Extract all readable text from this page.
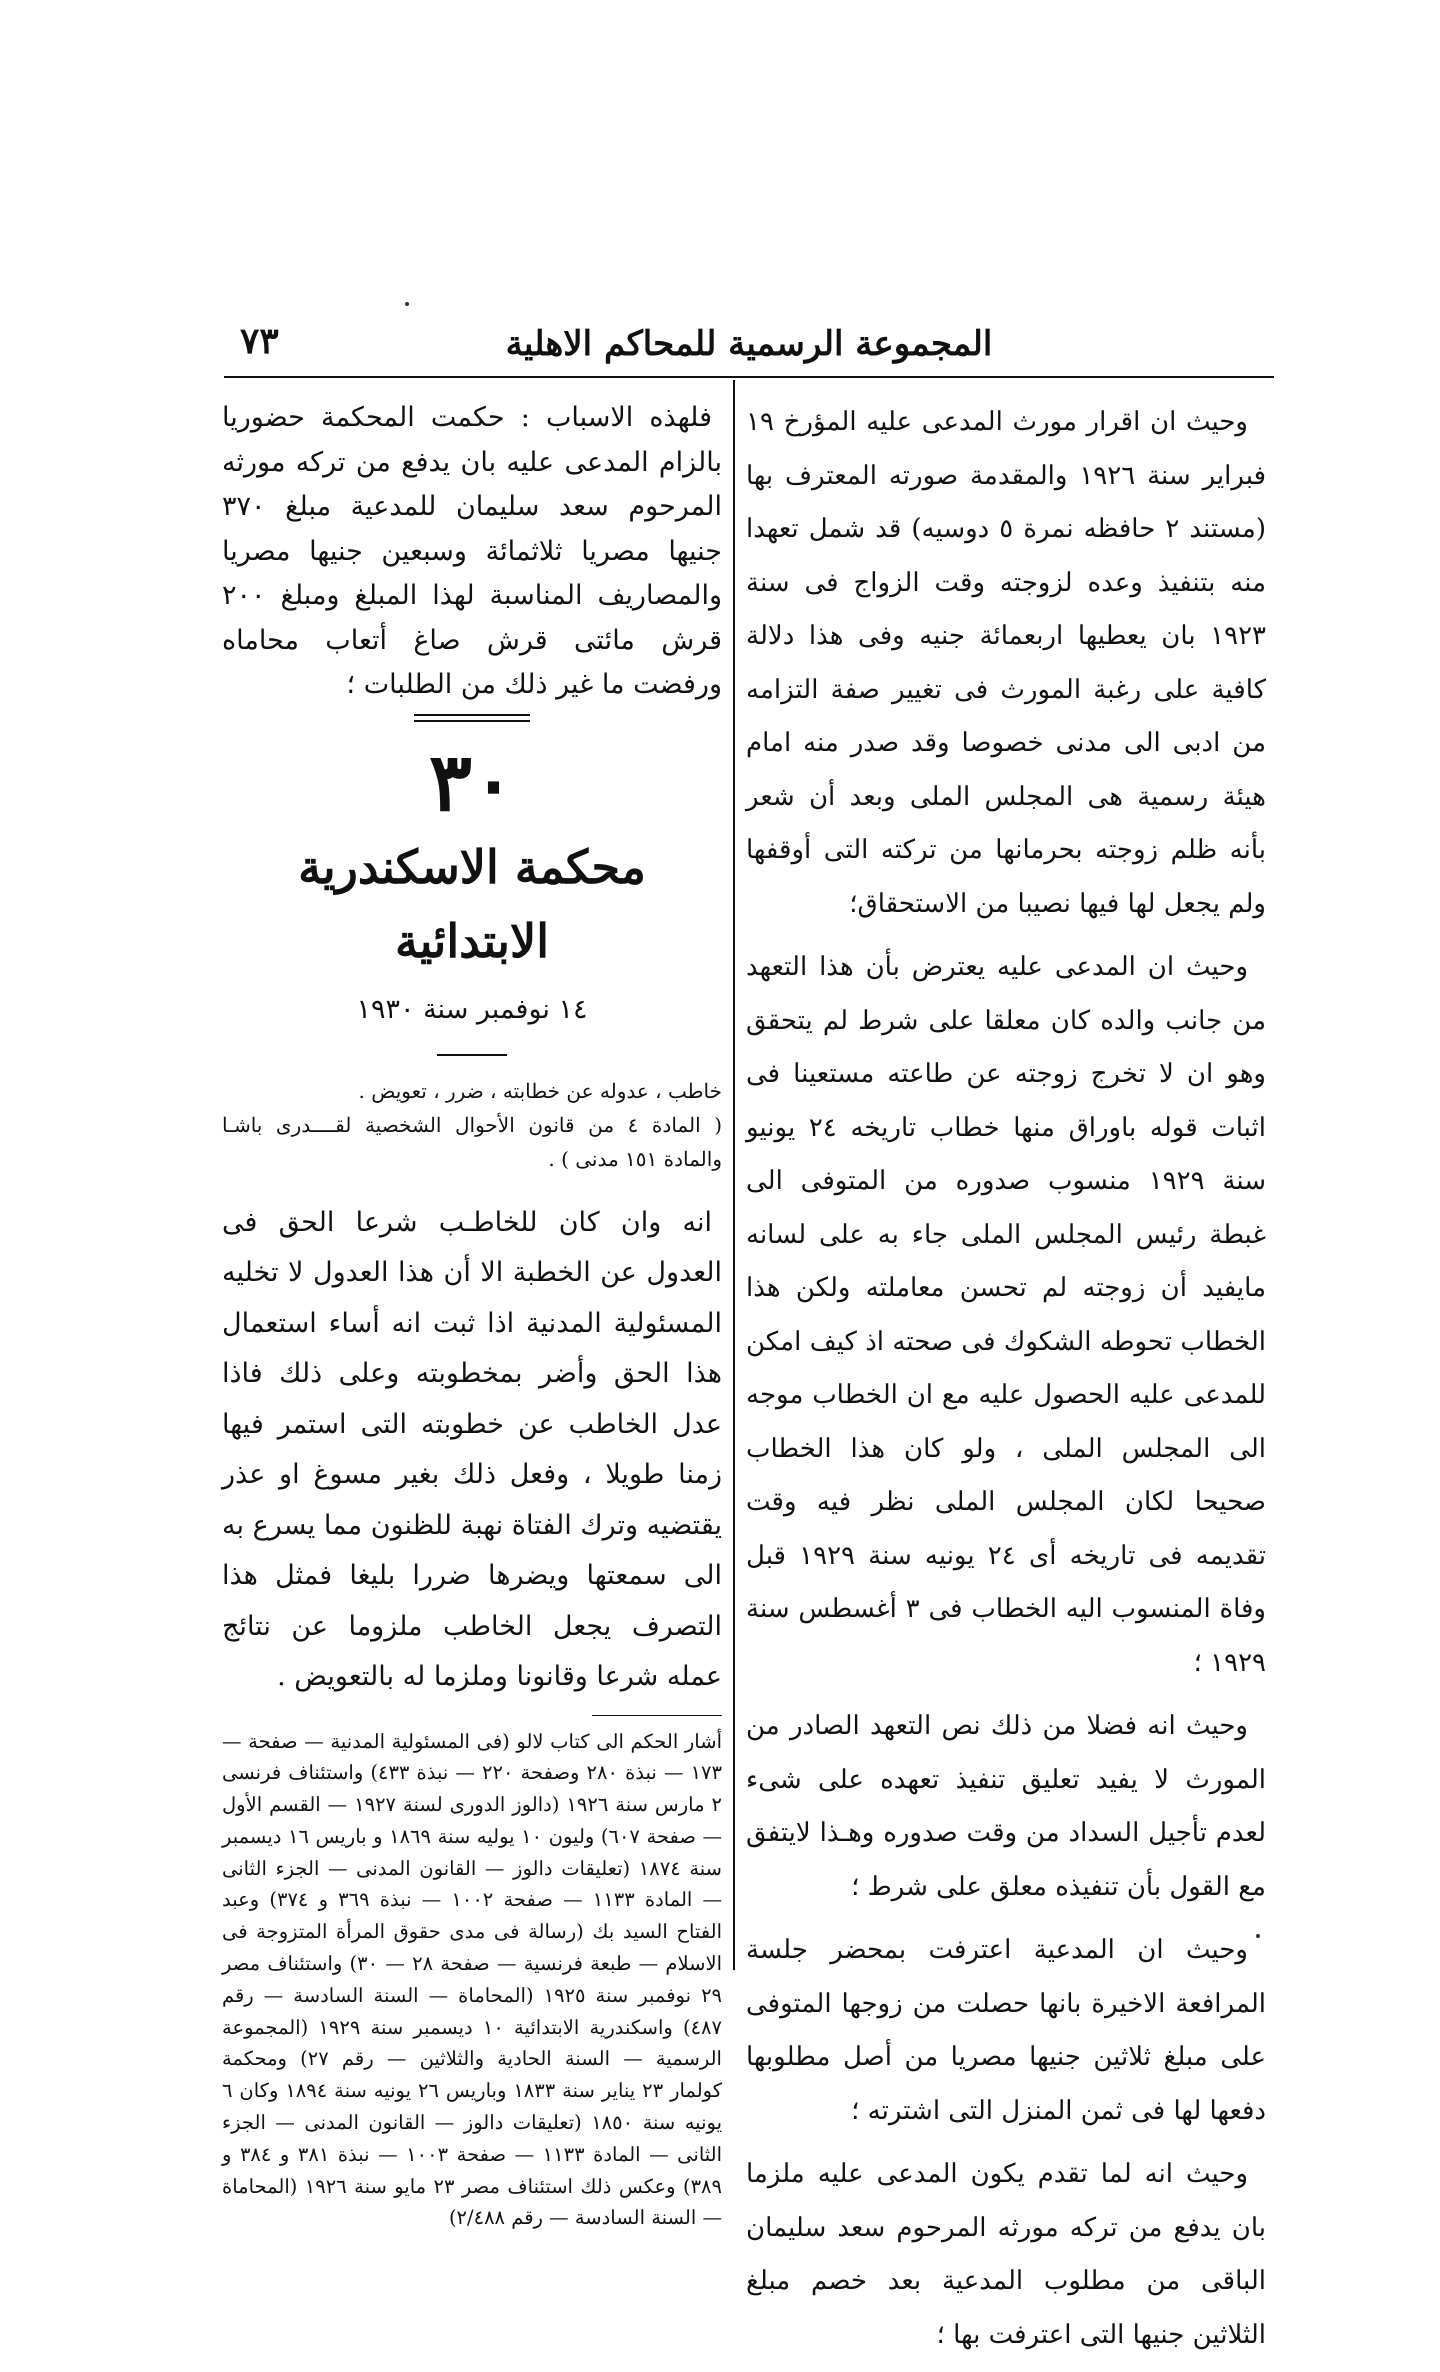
٧٣	المجموعة الرسمية للمحاكم الاهلية

وحيث ان اقرار مورث المدعى عليه المؤرخ ١٩ فبراير سنة ١٩٢٦ والمقدمة صورته المعترف بها (مستند ٢ حافظه نمرة ٥ دوسيه) قد شمل تعهدا منه بتنفيذ وعده لزوجته وقت الزواج فى سنة ١٩٢٣ بان يعطيها اربعمائة جنيه وفى هذا دلالة كافية على رغبة المورث فى تغيير صفة التزامه من ادبى الى مدنى خصوصا وقد صدر منه امام هيئة رسمية هى المجلس الملى وبعد أن شعر بأنه ظلم زوجته بحرمانها من تركته التى أوقفها ولم يجعل لها فيها نصيبا من الاستحقاق؛

وحيث ان المدعى عليه يعترض بأن هذا التعهد من جانب والده كان معلقا على شرط لم يتحقق وهو ان لا تخرج زوجته عن طاعته مستعينا فى اثبات قوله باوراق منها خطاب تاريخه ٢٤ يونيو سنة ١٩٢٩ منسوب صدوره من المتوفى الى غبطة رئيس المجلس الملى جاء به على لسانه مايفيد أن زوجته لم تحسن معاملته ولكن هذا الخطاب تحوطه الشكوك فى صحته اذ كيف امكن للمدعى عليه الحصول عليه مع ان الخطاب موجه الى المجلس الملى ، ولو كان هذا الخطاب صحيحا لكان المجلس الملى نظر فيه وقت تقديمه فى تاريخه أى ٢٤ يونيه سنة ١٩٢٩ قبل وفاة المنسوب اليه الخطاب فى ٣ أغسطس سنة ١٩٢٩ ؛

وحيث انه فضلا من ذلك نص التعهد الصادر من المورث لا يفيد تعليق تنفيذ تعهده على شىء لعدم تأجيل السداد من وقت صدوره وهـذا لايتفق مع القول بأن تنفيذه معلق على شرط ؛

وحيث ان المدعية اعترفت بمحضر جلسة المرافعة الاخيرة بانها حصلت من زوجها المتوفى على مبلغ ثلاثين جنيها مصريا من أصل مطلوبها دفعها لها فى ثمن المنزل التى اشترته ؛

وحيث انه لما تقدم يكون المدعى عليه ملزما بان يدفع من تركه مورثه المرحوم سعد سليمان الباقى من مطلوب المدعية بعد خصم مبلغ الثلاثين جنيها التى اعترفت بها ؛

فلهذه الاسباب : حكمت المحكمة حضوريا بالزام المدعى عليه بان يدفع من تركه مورثه المرحوم سعد سليمان للمدعية مبلغ ٣٧٠ جنيها مصريا ثلاثمائة وسبعين جنيها مصريا والمصاريف المناسبة لهذا المبلغ ومبلغ ٢٠٠ قرش مائتى قرش صاغ أتعاب محاماه ورفضت ما غير ذلك من الطلبات ؛

٣٠
محكمة الاسكندرية الابتدائية
١٤ نوفمبر سنة ١٩٣٠

خاطب ، عدوله عن خطابته ، ضرر ، تعويض .

( المادة ٤ من قانون الأحوال الشخصية لقــــدرى باشـا والمادة ١٥١ مدنى ) .

انه وان كان للخاطـب شرعا الحق فى العدول عن الخطبة الا أن هذا العدول لا تخليه المسئولية المدنية اذا ثبت انه أساء استعمال هذا الحق وأضر بمخطوبته وعلى ذلك فاذا عدل الخاطب عن خطوبته التى استمر فيها زمنا طويلا ، وفعل ذلك بغير مسوغ او عذر يقتضيه وترك الفتاة نهبة للظنون مما يسرع به الى سمعتها ويضرها ضررا بليغا فمثل هذا التصرف يجعل الخاطب ملزوما عن نتائج عمله شرعا وقانونا وملزما له بالتعويض .

أشار الحكم الى كتاب لالو (فى المسئولية المدنية — صفحة — ١٧٣ — نبذة ٢٨٠ وصفحة ٢٢٠ — نبذة ٤٣٣) واستئناف فرنسى ٢ مارس سنة ١٩٢٦ (دالوز الدورى لسنة ١٩٢٧ — القسم الأول — صفحة ٦٠٧) وليون ١٠ يوليه سنة ١٨٦٩ و باريس ١٦ ديسمبر سنة ١٨٧٤ (تعليقات دالوز — القانون المدنى — الجزء الثانى — المادة ١١٣٣ — صفحة ١٠٠٢ — نبذة ٣٦٩ و ٣٧٤) وعبد الفتاح السيد بك (رسالة فى مدى حقوق المرأة المتزوجة فى الاسلام — طبعة فرنسية — صفحة ٢٨ — ٣٠) واستئناف مصر ٢٩ نوفمبر سنة ١٩٢٥ (المحاماة — السنة السادسة — رقم ٤٨٧) واسكندرية الابتدائية ١٠ ديسمبر سنة ١٩٢٩ (المجموعة الرسمية — السنة الحادية والثلاثين — رقم ٢٧) ومحكمة كولمار ٢٣ يناير سنة ١٨٣٣ وباريس ٢٦ يونيه سنة ١٨٩٤ وكان ٦ يونيه سنة ١٨٥٠ (تعليقات دالوز — القانون المدنى — الجزء الثانى — المادة ١١٣٣ — صفحة ١٠٠٣ — نبذة ٣٨١ و ٣٨٤ و ٣٨٩) وعكس ذلك استئناف مصر ٢٣ مايو سنة ١٩٢٦ (المحاماة — السنة السادسة — رقم ٢/٤٨٨)
